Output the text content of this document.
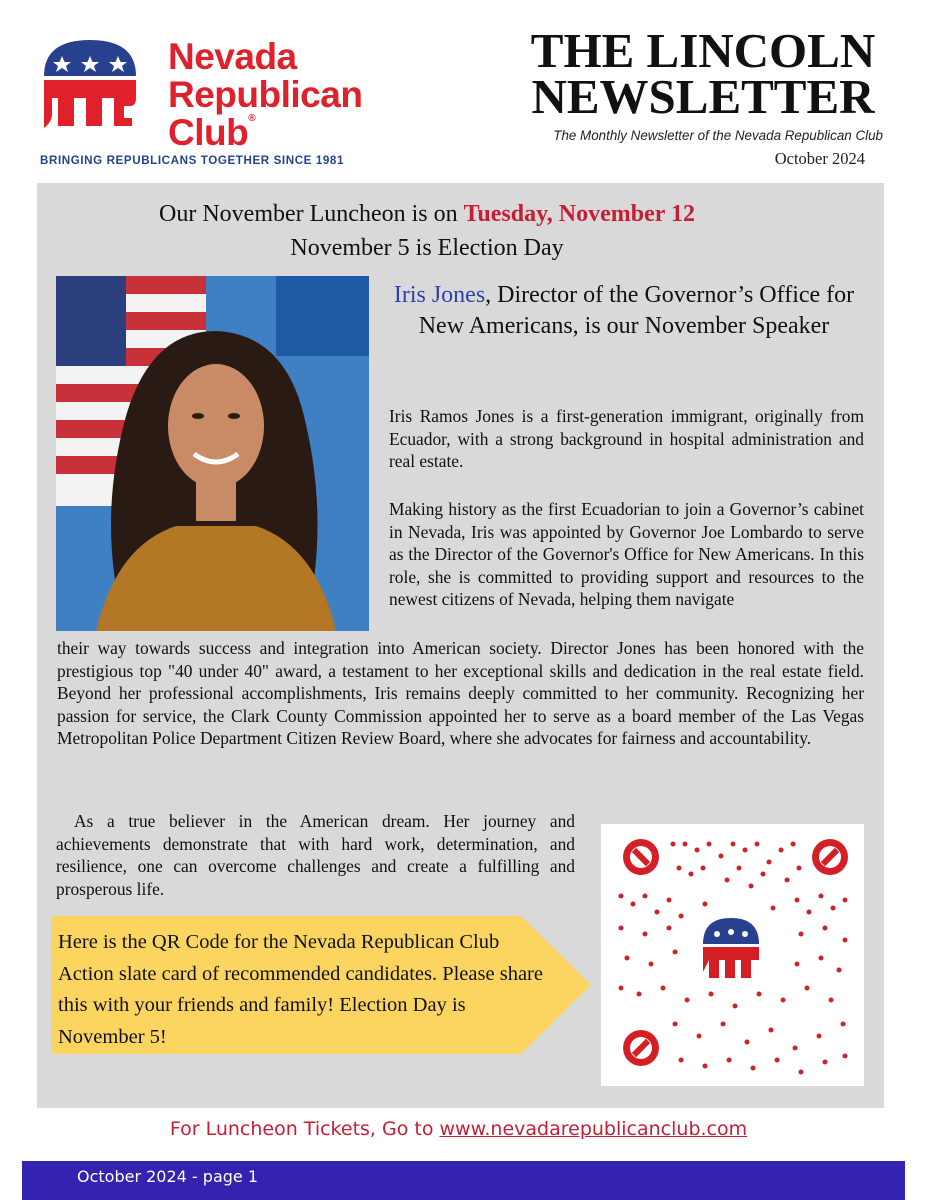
Nevada
Republican
Club®
BRINGING REPUBLICANS TOGETHER SINCE 1981
THE LINCOLN
NEWSLETTER
The Monthly Newsletter of the Nevada Republican Club
October 2024
Our November Luncheon is on Tuesday, November 12
November 5 is Election Day
Iris Jones, Director of the Governor’s Office for New Americans, is our November Speaker

Iris Ramos Jones is a first-generation immigrant, originally from Ecuador, with a strong background in hospital administration and real estate.

Making history as the first Ecuadorian to join a Governor’s cabinet in Nevada, Iris was appointed by Governor Joe Lombardo to serve as the Director of the Governor's Office for New Americans. In this role, she is committed to providing support and resources to the newest citizens of Nevada, helping them navigate

their way towards success and integration into American society. Director Jones has been honored with the prestigious top "40 under 40" award, a testament to her exceptional skills and dedication in the real estate field. Beyond her professional accomplishments, Iris remains deeply committed to her community. Recognizing her passion for service, the Clark County Commission appointed her to serve as a board member of the Las Vegas Metropolitan Police Department Citizen Review Board, where she advocates for fairness and accountability.

As a true believer in the American dream. Her journey and achievements demonstrate that with hard work, determination, and resilience, one can overcome challenges and create a fulfilling and prosperous life.

Here is the QR Code for the Nevada Republican Club Action slate card of recommended candidates. Please share this with your friends and family! Election Day is November 5!
For Luncheon Tickets, Go to www.nevadarepublicanclub.com
October 2024 - page 1
